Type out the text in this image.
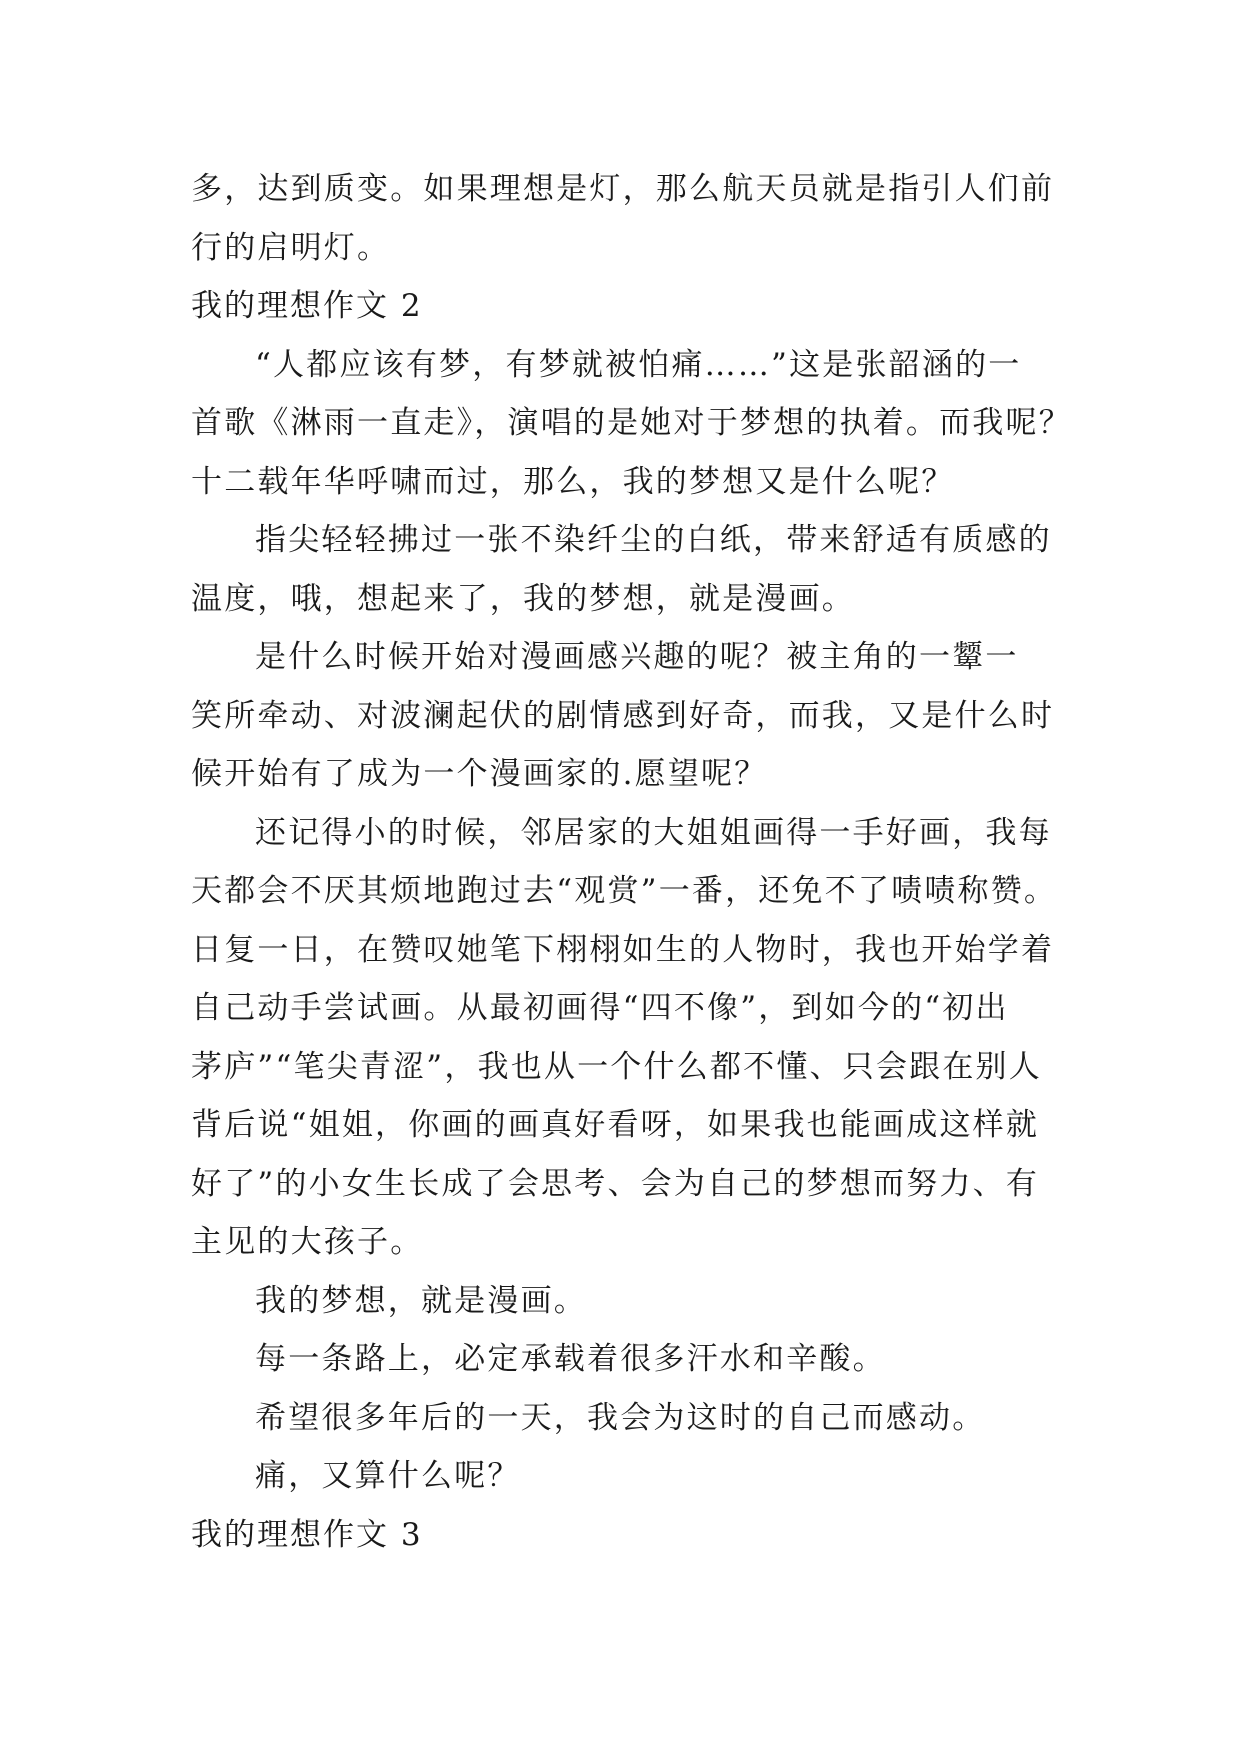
多，达到质变。如果理想是灯，那么航天员就是指引人们前
行的启明灯。
我的理想作文 2
“人都应该有梦，有梦就被怕痛……”这是张韶涵的一
首歌《淋雨一直走》，演唱的是她对于梦想的执着。而我呢？
十二载年华呼啸而过，那么，我的梦想又是什么呢？
指尖轻轻拂过一张不染纤尘的白纸，带来舒适有质感的
温度，哦，想起来了，我的梦想，就是漫画。
是什么时候开始对漫画感兴趣的呢？被主角的一颦一
笑所牵动、对波澜起伏的剧情感到好奇，而我，又是什么时
候开始有了成为一个漫画家的.愿望呢？
还记得小的时候，邻居家的大姐姐画得一手好画，我每
天都会不厌其烦地跑过去“观赏”一番，还免不了啧啧称赞。
日复一日，在赞叹她笔下栩栩如生的人物时，我也开始学着
自己动手尝试画。从最初画得“四不像”，到如今的“初出
茅庐”“笔尖青涩”，我也从一个什么都不懂、只会跟在别人
背后说“姐姐，你画的画真好看呀，如果我也能画成这样就
好了”的小女生长成了会思考、会为自己的梦想而努力、有
主见的大孩子。
我的梦想，就是漫画。
每一条路上，必定承载着很多汗水和辛酸。
希望很多年后的一天，我会为这时的自己而感动。
痛，又算什么呢？
我的理想作文 3
